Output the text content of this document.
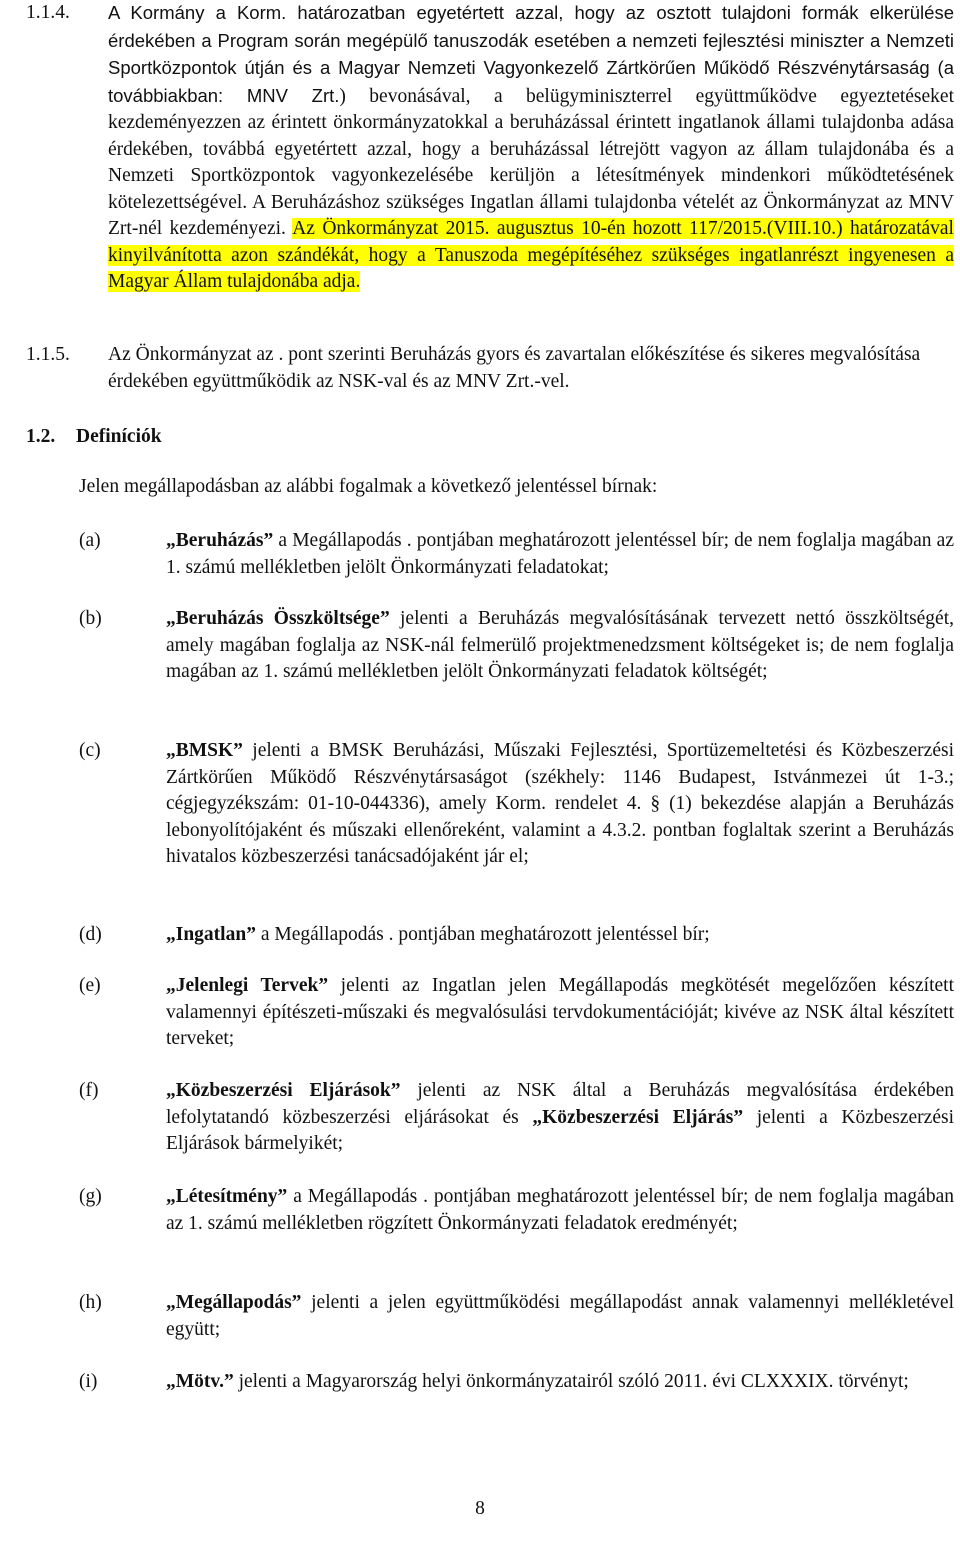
1.1.4. A Kormány a Korm. határozatban egyetértett azzal, hogy az osztott tulajdoni formák elkerülése érdekében a Program során megépülő tanuszodák esetében a nemzeti fejlesztési miniszter a Nemzeti Sportközpontok útján és a Magyar Nemzeti Vagyonkezelő Zártkörűen Működő Részvénytársaság (a továbbiakban: MNV Zrt.) bevonásával, a belügyminiszterrel együttműködve egyeztetéseket kezdeményezzen az érintett önkormányzatokkal a beruházással érintett ingatlanok állami tulajdonba adása érdekében, továbbá egyetértett azzal, hogy a beruházással létrejött vagyon az állam tulajdonába és a Nemzeti Sportközpontok vagyonkezelésébe kerüljön a létesítmények mindenkori működtetésének kötelezettségével. A Beruházáshoz szükséges Ingatlan állami tulajdonba vételét az Önkormányzat az MNV Zrt-nél kezdeményezi. Az Önkormányzat 2015. augusztus 10-én hozott 117/2015.(VIII.10.) határozatával kinyilvánította azon szándékát, hogy a Tanuszoda megépítéséhez szükséges ingatlanrészt ingyenesen a Magyar Állam tulajdonába adja.
1.1.5. Az Önkormányzat az . pont szerinti Beruházás gyors és zavartalan előkészítése és sikeres megvalósítása érdekében együttműködik az NSK-val és az MNV Zrt.-vel.
1.2. Definíciók
Jelen megállapodásban az alábbi fogalmak a következő jelentéssel bírnak:
(a)	„Beruházás” a Megállapodás . pontjában meghatározott jelentéssel bír; de nem foglalja magában az 1. számú mellékletben jelölt Önkormányzati feladatokat;
(b)	„Beruházás Összköltsége” jelenti a Beruházás megvalósításának tervezett nettó összköltségét, amely magában foglalja az NSK-nál felmerülő projektmenedzsment költségeket is; de nem foglalja magában az 1. számú mellékletben jelölt Önkormányzati feladatok költségét;
(c)	„BMSK” jelenti a BMSK Beruházási, Műszaki Fejlesztési, Sportüzemeltetési és Közbeszerzési Zártkörűen Működő Részvénytársaságot (székhely: 1146 Budapest, Istvánmezei út 1-3.; cégjegyzékszám: 01-10-044336), amely Korm. rendelet 4. § (1) bekezdése alapján a Beruházás lebonyolítójaként és műszaki ellenőreként, valamint a 4.3.2. pontban foglaltak szerint a Beruházás hivatalos közbeszerzési tanácsadójaként jár el;
(d)	„Ingatlan” a Megállapodás . pontjában meghatározott jelentéssel bír;
(e)	„Jelenlegi Tervek” jelenti az Ingatlan jelen Megállapodás megkötését megelőzően készített valamennyi építészeti-műszaki és megvalósulási tervdokumentációját; kivéve az NSK által készített terveket;
(f)	„Közbeszerzési Eljárások” jelenti az NSK által a Beruházás megvalósítása érdekében lefolytatandó közbeszerzési eljárásokat és „Közbeszerzési Eljárás” jelenti a Közbeszerzési Eljárások bármelyikét;
(g)	„Létesítmény” a Megállapodás . pontjában meghatározott jelentéssel bír; de nem foglalja magában az 1. számú mellékletben rögzített Önkormányzati feladatok eredményét;
(h)	„Megállapodás” jelenti a jelen együttműködési megállapodást annak valamennyi mellékletével együtt;
(i)	„Mötv.” jelenti a Magyarország helyi önkormányzatairól szóló 2011. évi CLXXXIX. törvényt;
8
